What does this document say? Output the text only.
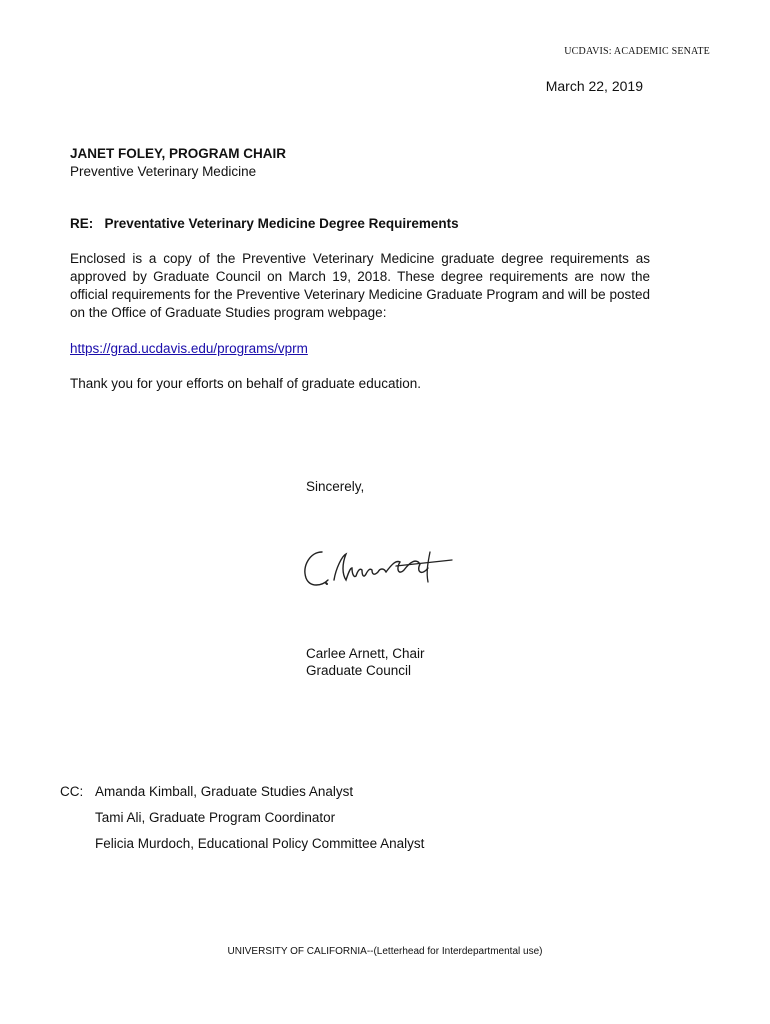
UCDAVIS: ACADEMIC SENATE
March 22, 2019
JANET FOLEY, PROGRAM CHAIR
Preventive Veterinary Medicine
RE:   Preventative Veterinary Medicine Degree Requirements
Enclosed is a copy of the Preventive Veterinary Medicine graduate degree requirements as approved by Graduate Council on March 19, 2018. These degree requirements are now the official requirements for the Preventive Veterinary Medicine Graduate Program and will be posted on the Office of Graduate Studies program webpage:
https://grad.ucdavis.edu/programs/vprm
Thank you for your efforts on behalf of graduate education.
Sincerely,
Carlee Arnett, Chair
Graduate Council
CC: Amanda Kimball, Graduate Studies Analyst
Tami Ali, Graduate Program Coordinator
Felicia Murdoch, Educational Policy Committee Analyst
UNIVERSITY OF CALIFORNIA--(Letterhead for Interdepartmental use)
